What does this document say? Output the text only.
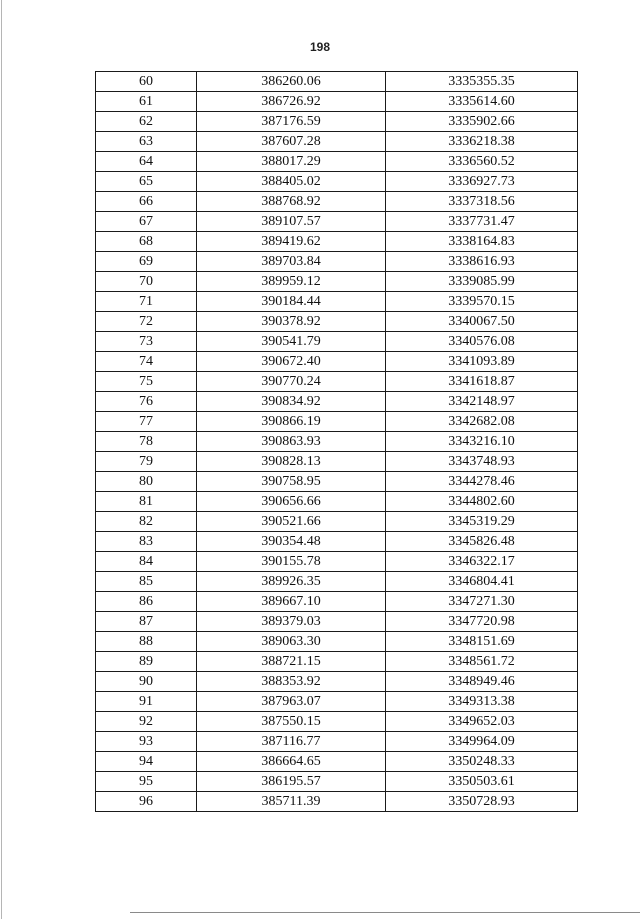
198
60	386260.06	3335355.35
61	386726.92	3335614.60
62	387176.59	3335902.66
63	387607.28	3336218.38
64	388017.29	3336560.52
65	388405.02	3336927.73
66	388768.92	3337318.56
67	389107.57	3337731.47
68	389419.62	3338164.83
69	389703.84	3338616.93
70	389959.12	3339085.99
71	390184.44	3339570.15
72	390378.92	3340067.50
73	390541.79	3340576.08
74	390672.40	3341093.89
75	390770.24	3341618.87
76	390834.92	3342148.97
77	390866.19	3342682.08
78	390863.93	3343216.10
79	390828.13	3343748.93
80	390758.95	3344278.46
81	390656.66	3344802.60
82	390521.66	3345319.29
83	390354.48	3345826.48
84	390155.78	3346322.17
85	389926.35	3346804.41
86	389667.10	3347271.30
87	389379.03	3347720.98
88	389063.30	3348151.69
89	388721.15	3348561.72
90	388353.92	3348949.46
91	387963.07	3349313.38
92	387550.15	3349652.03
93	387116.77	3349964.09
94	386664.65	3350248.33
95	386195.57	3350503.61
96	385711.39	3350728.93
